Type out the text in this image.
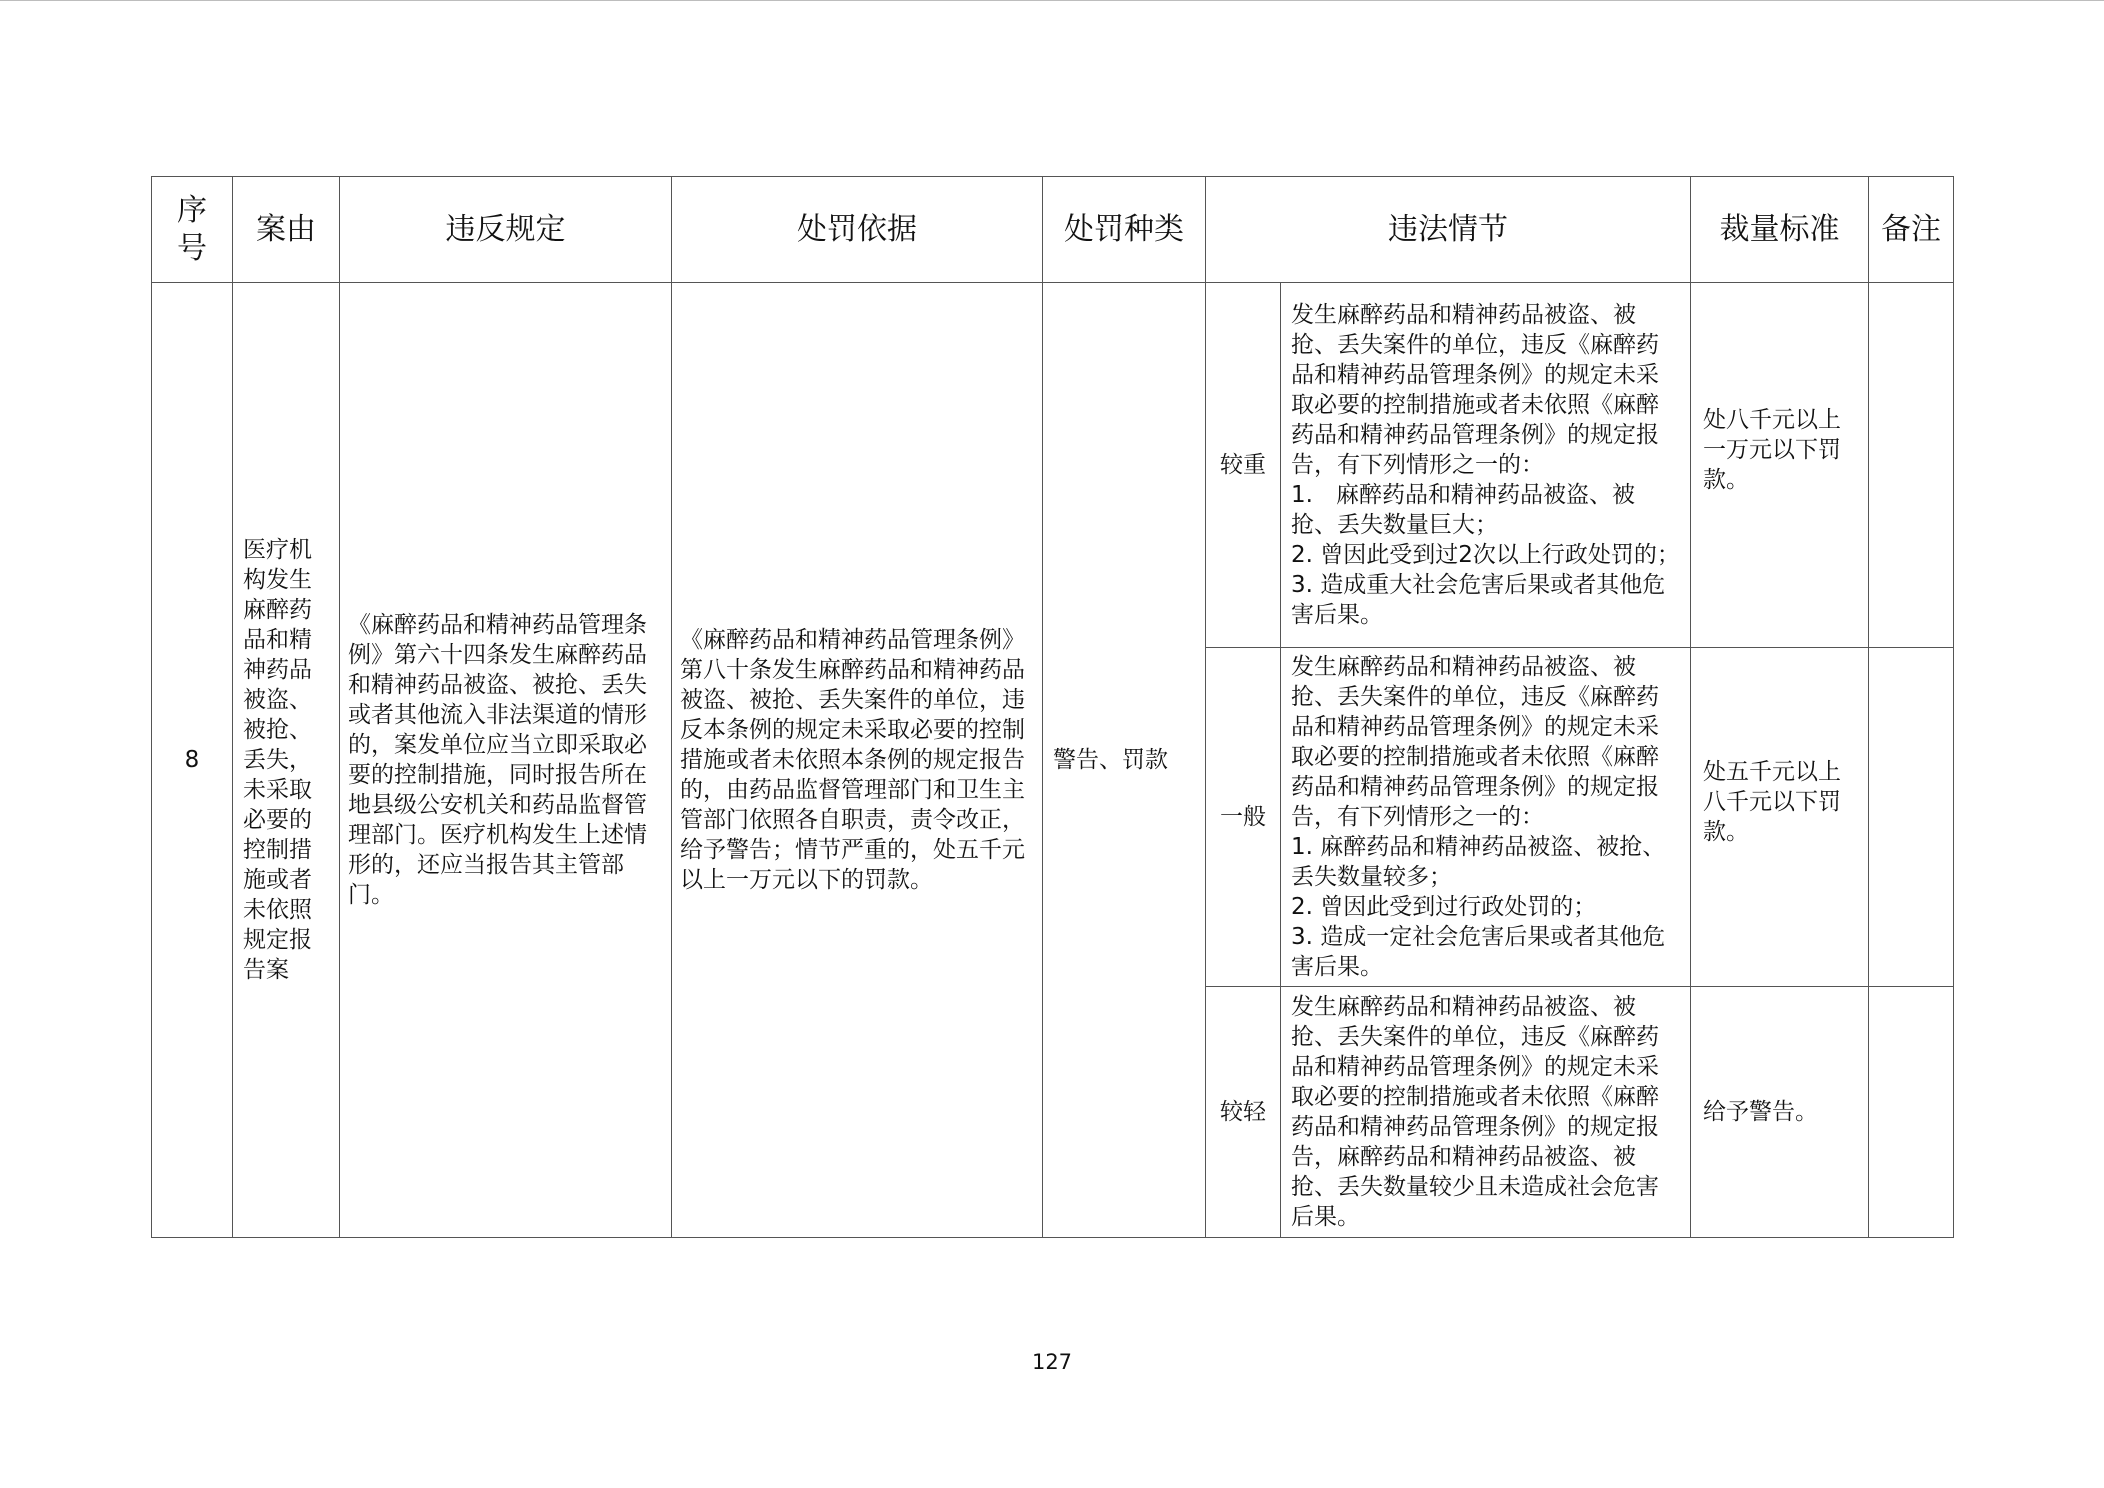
序号	案由	违反规定	处罚依据	处罚种类	违法情节		裁量标准	备注
8	医疗机构发生麻醉药品和精神药品被盗、被抢、丢失，未采取必要的控制措施或者未依照规定报告案	《麻醉药品和精神药品管理条例》第六十四条发生麻醉药品和精神药品被盗、被抢、丢失或者其他流入非法渠道的情形的，案发单位应当立即采取必要的控制措施，同时报告所在地县级公安机关和药品监督管理部门。医疗机构发生上述情形的，还应当报告其主管部门。	《麻醉药品和精神药品管理条例》第八十条发生麻醉药品和精神药品被盗、被抢、丢失案件的单位，违反本条例的规定未采取必要的控制措施或者未依照本条例的规定报告的，由药品监督管理部门和卫生主管部门依照各自职责，责令改正，给予警告；情节严重的，处五千元以上一万元以下的罚款。	警告、罚款	较重	发生麻醉药品和精神药品被盗、被抢、丢失案件的单位，违反《麻醉药品和精神药品管理条例》的规定未采取必要的控制措施或者未依照《麻醉药品和精神药品管理条例》的规定报告，有下列情形之一的：
1.　麻醉药品和精神药品被盗、被抢、丢失数量巨大；
2. 曾因此受到过2次以上行政处罚的；
3. 造成重大社会危害后果或者其他危害后果。	处八千元以上一万元以下罚款。	

					一般	发生麻醉药品和精神药品被盗、被抢、丢失案件的单位，违反《麻醉药品和精神药品管理条例》的规定未采取必要的控制措施或者未依照《麻醉药品和精神药品管理条例》的规定报告，有下列情形之一的：
1. 麻醉药品和精神药品被盗、被抢、丢失数量较多；
2. 曾因此受到过行政处罚的；
3. 造成一定社会危害后果或者其他危害后果。	处五千元以上八千元以下罚款。	

					较轻	发生麻醉药品和精神药品被盗、被抢、丢失案件的单位，违反《麻醉药品和精神药品管理条例》的规定未采取必要的控制措施或者未依照《麻醉药品和精神药品管理条例》的规定报告，麻醉药品和精神药品被盗、被抢、丢失数量较少且未造成社会危害后果。	给予警告。	

127
